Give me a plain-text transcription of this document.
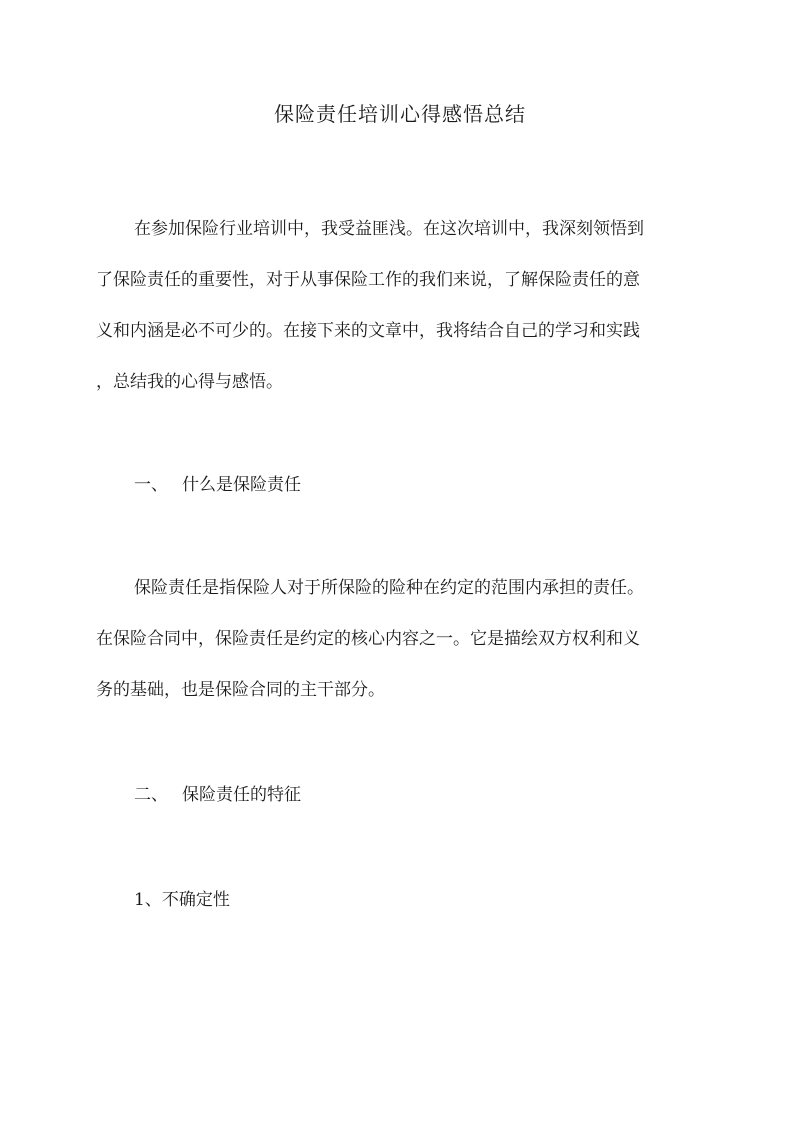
保险责任培训心得感悟总结

在参加保险行业培训中，我受益匪浅。在这次培训中，我深刻领悟到
了保险责任的重要性，对于从事保险工作的我们来说，了解保险责任的意
义和内涵是必不可少的。在接下来的文章中，我将结合自己的学习和实践
，总结我的心得与感悟。

一、 什么是保险责任

保险责任是指保险人对于所保险的险种在约定的范围内承担的责任。
在保险合同中，保险责任是约定的核心内容之一。它是描绘双方权利和义
务的基础，也是保险合同的主干部分。

二、 保险责任的特征

1、不确定性
